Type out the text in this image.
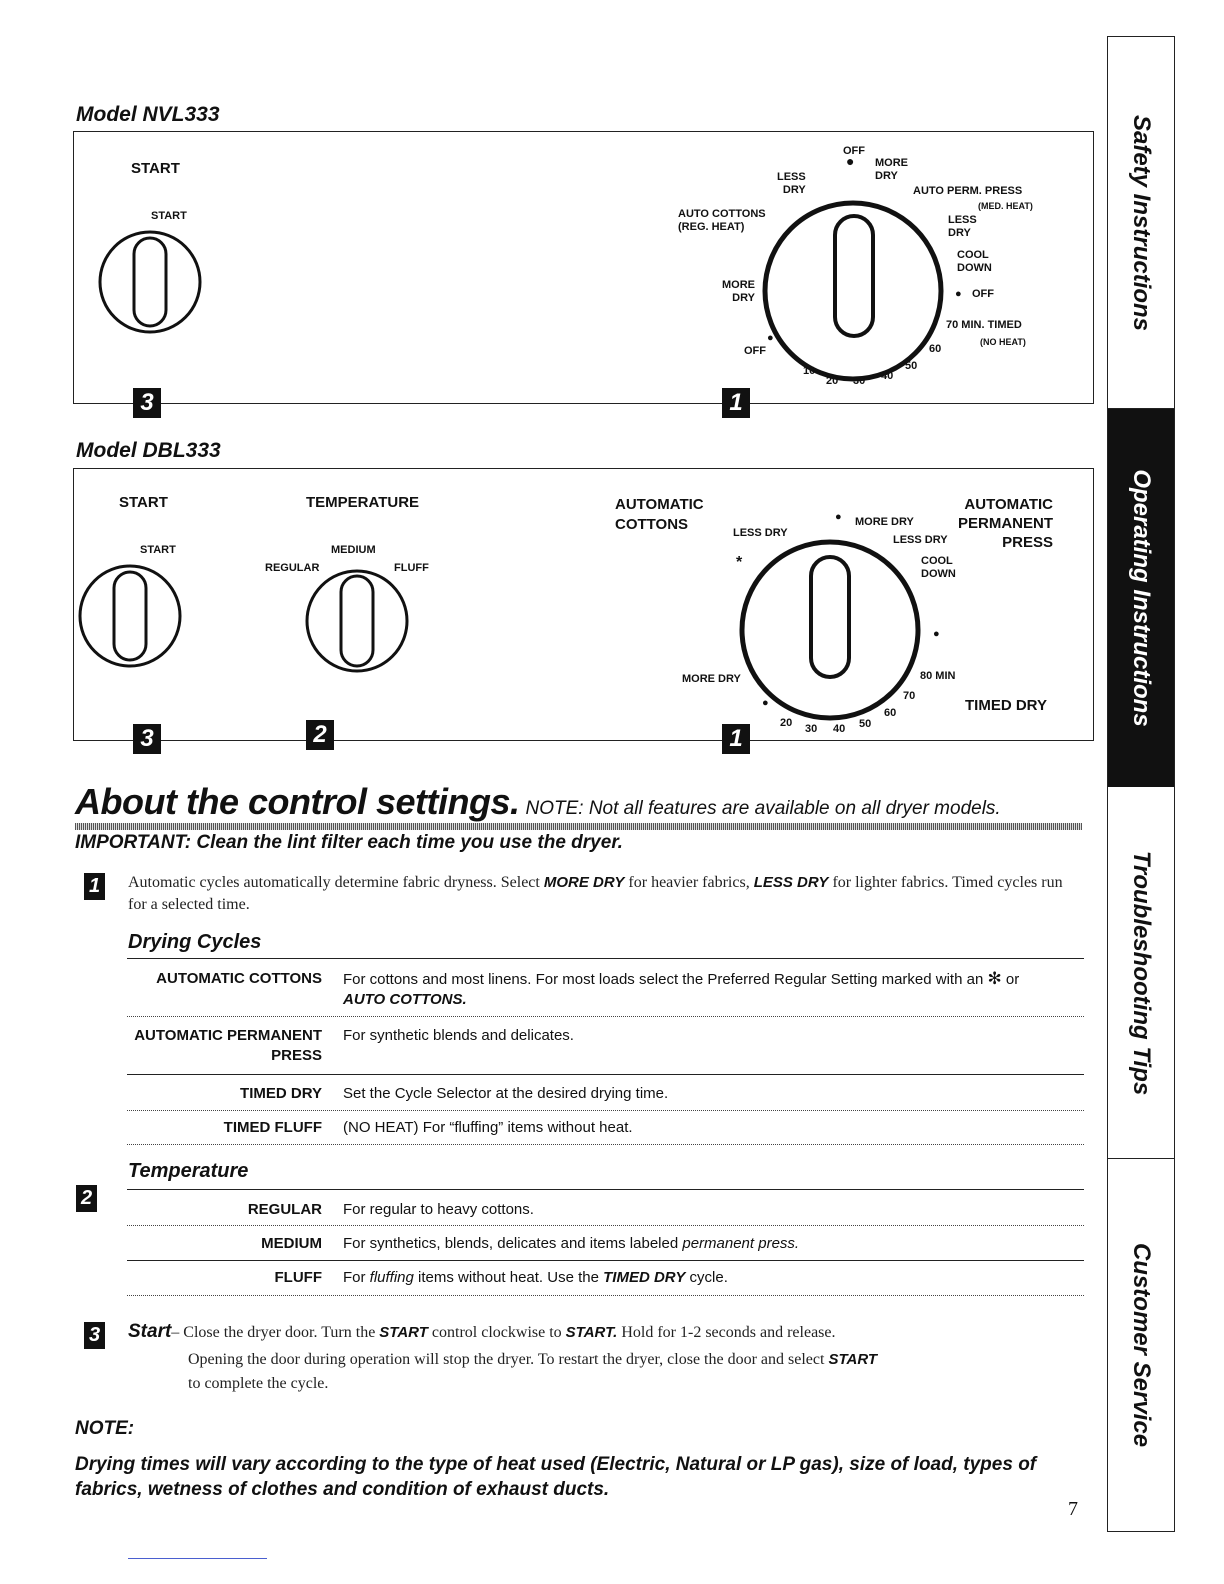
Safety Instructions
Operating Instructions
Troubleshooting Tips
Customer Service
Model NVL333
START
START
OFF
● MORE
DRY
LESS
DRY
AUTO COTTONS
(REG. HEAT)
AUTO PERM. PRESS
(MED. HEAT)
LESS
DRY
COOL
DOWN
● OFF
70 MIN. TIMED
(NO HEAT)
MORE
DRY
●
OFF
10
20 30 40
50
60
3	1
Model DBL333
START
START
TEMPERATURE
MEDIUM
REGULAR	FLUFF
AUTOMATIC
COTTONS	LESS DRY
*
● MORE DRY
LESS DRY
AUTOMATIC
PERMANENT
PRESS
COOL
DOWN
●
80 MIN
TIMED DRY
MORE DRY
●
20 30 40 50
60
70
3	2	1
About the control settings. NOTE: Not all features are available on all dryer models.
IMPORTANT: Clean the lint filter each time you use the dryer.
1	Automatic cycles automatically determine fabric dryness. Select MORE DRY for heavier fabrics, LESS DRY for lighter fabrics. Timed cycles run for a selected time.
Drying Cycles
AUTOMATIC COTTONS For cottons and most linens. For most loads select the Preferred Regular Setting marked with an ✻ or
AUTO COTTONS.
AUTOMATIC PERMANENT
PRESS
For synthetic blends and delicates.
TIMED DRY Set the Cycle Selector at the desired drying time.
TIMED FLUFF (NO HEAT) For “fluffing” items without heat.
Temperature
2
REGULAR For regular to heavy cottons.
MEDIUM For synthetics, blends, delicates and items labeled permanent press.
FLUFF For fluffing items without heat. Use the TIMED DRY cycle.
3 Start– Close the dryer door. Turn the START control clockwise to START. Hold for 1-2 seconds and release.
Opening the door during operation will stop the dryer. To restart the dryer, close the door and select START
to complete the cycle.
NOTE:
Drying times will vary according to the type of heat used (Electric, Natural or LP gas), size of load, types of fabrics, wetness of clothes and condition of exhaust ducts.
7
